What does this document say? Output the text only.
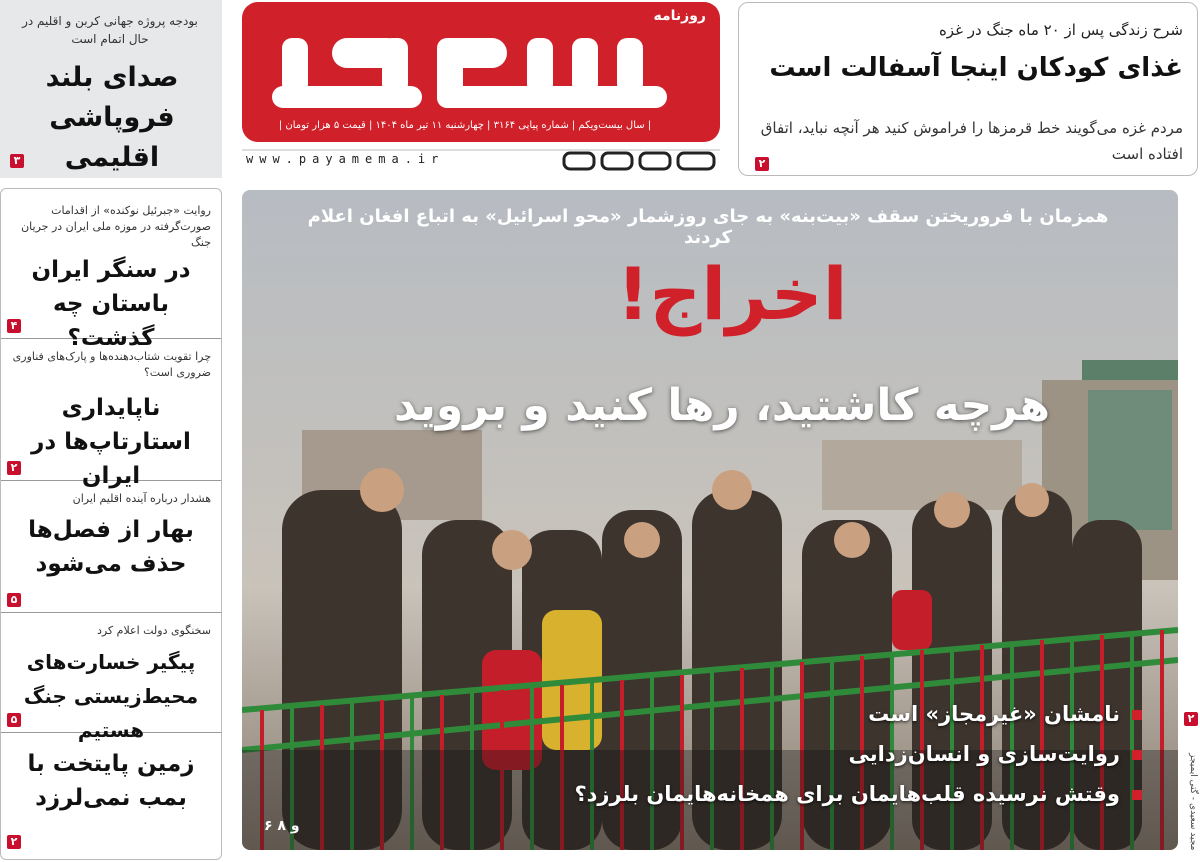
بودجه پروژه جهانی کربن و اقلیم در حال اتمام است
صدای بلند فروپاشی اقلیمی
۳
روایت «جبرئیل نوکنده» از اقدامات صورت‌گرفته در موزه ملی ایران در جریان جنگ
در سنگر ایران باستان چه گذشت؟
۴
چرا تقویت شتاب‌دهنده‌ها و پارک‌های فناوری ضروری است؟
ناپایداری استارتاپ‌ها در ایران
۲
هشدار درباره آینده اقلیم ایران
بهار از فصل‌ها حذف می‌شود
۵
سخنگوی دولت اعلام کرد
پیگیر خسارت‌های محیط‌زیستی جنگ هستیم
۵
زمین پایتخت با بمب نمی‌لرزد
۲
روزنامه
| سال بیست‌ویکم | شماره پیاپی ۳۱۶۴ | چهارشنبه ۱۱ تیر ماه ۱۴۰۴ | قیمت ۵ هزار تومان |
www.payamema.ir
شرح زندگی پس از ۲۰ ماه جنگ در غزه
غذای کودکان اینجا آسفالت است
مردم غزه می‌گویند خط قرمزها را فراموش کنید هر آنچه نباید، اتفاق افتاده است
۲
همزمان با فروریختن سقف «بیت‌بنه» به جای روزشمار «محو اسرائیل» به اتباع افغان اعلام کردند
اخراج!
هرچه کاشتید، رها کنید و بروید
نامشان «غیرمجاز» است
روایت‌سازی و انسان‌زدایی
وقتش نرسیده قلب‌هایمان برای همخانه‌هایمان بلرزد؟
۶ و ۸	مجید سعیدی - گتی ایمیجز
۲
